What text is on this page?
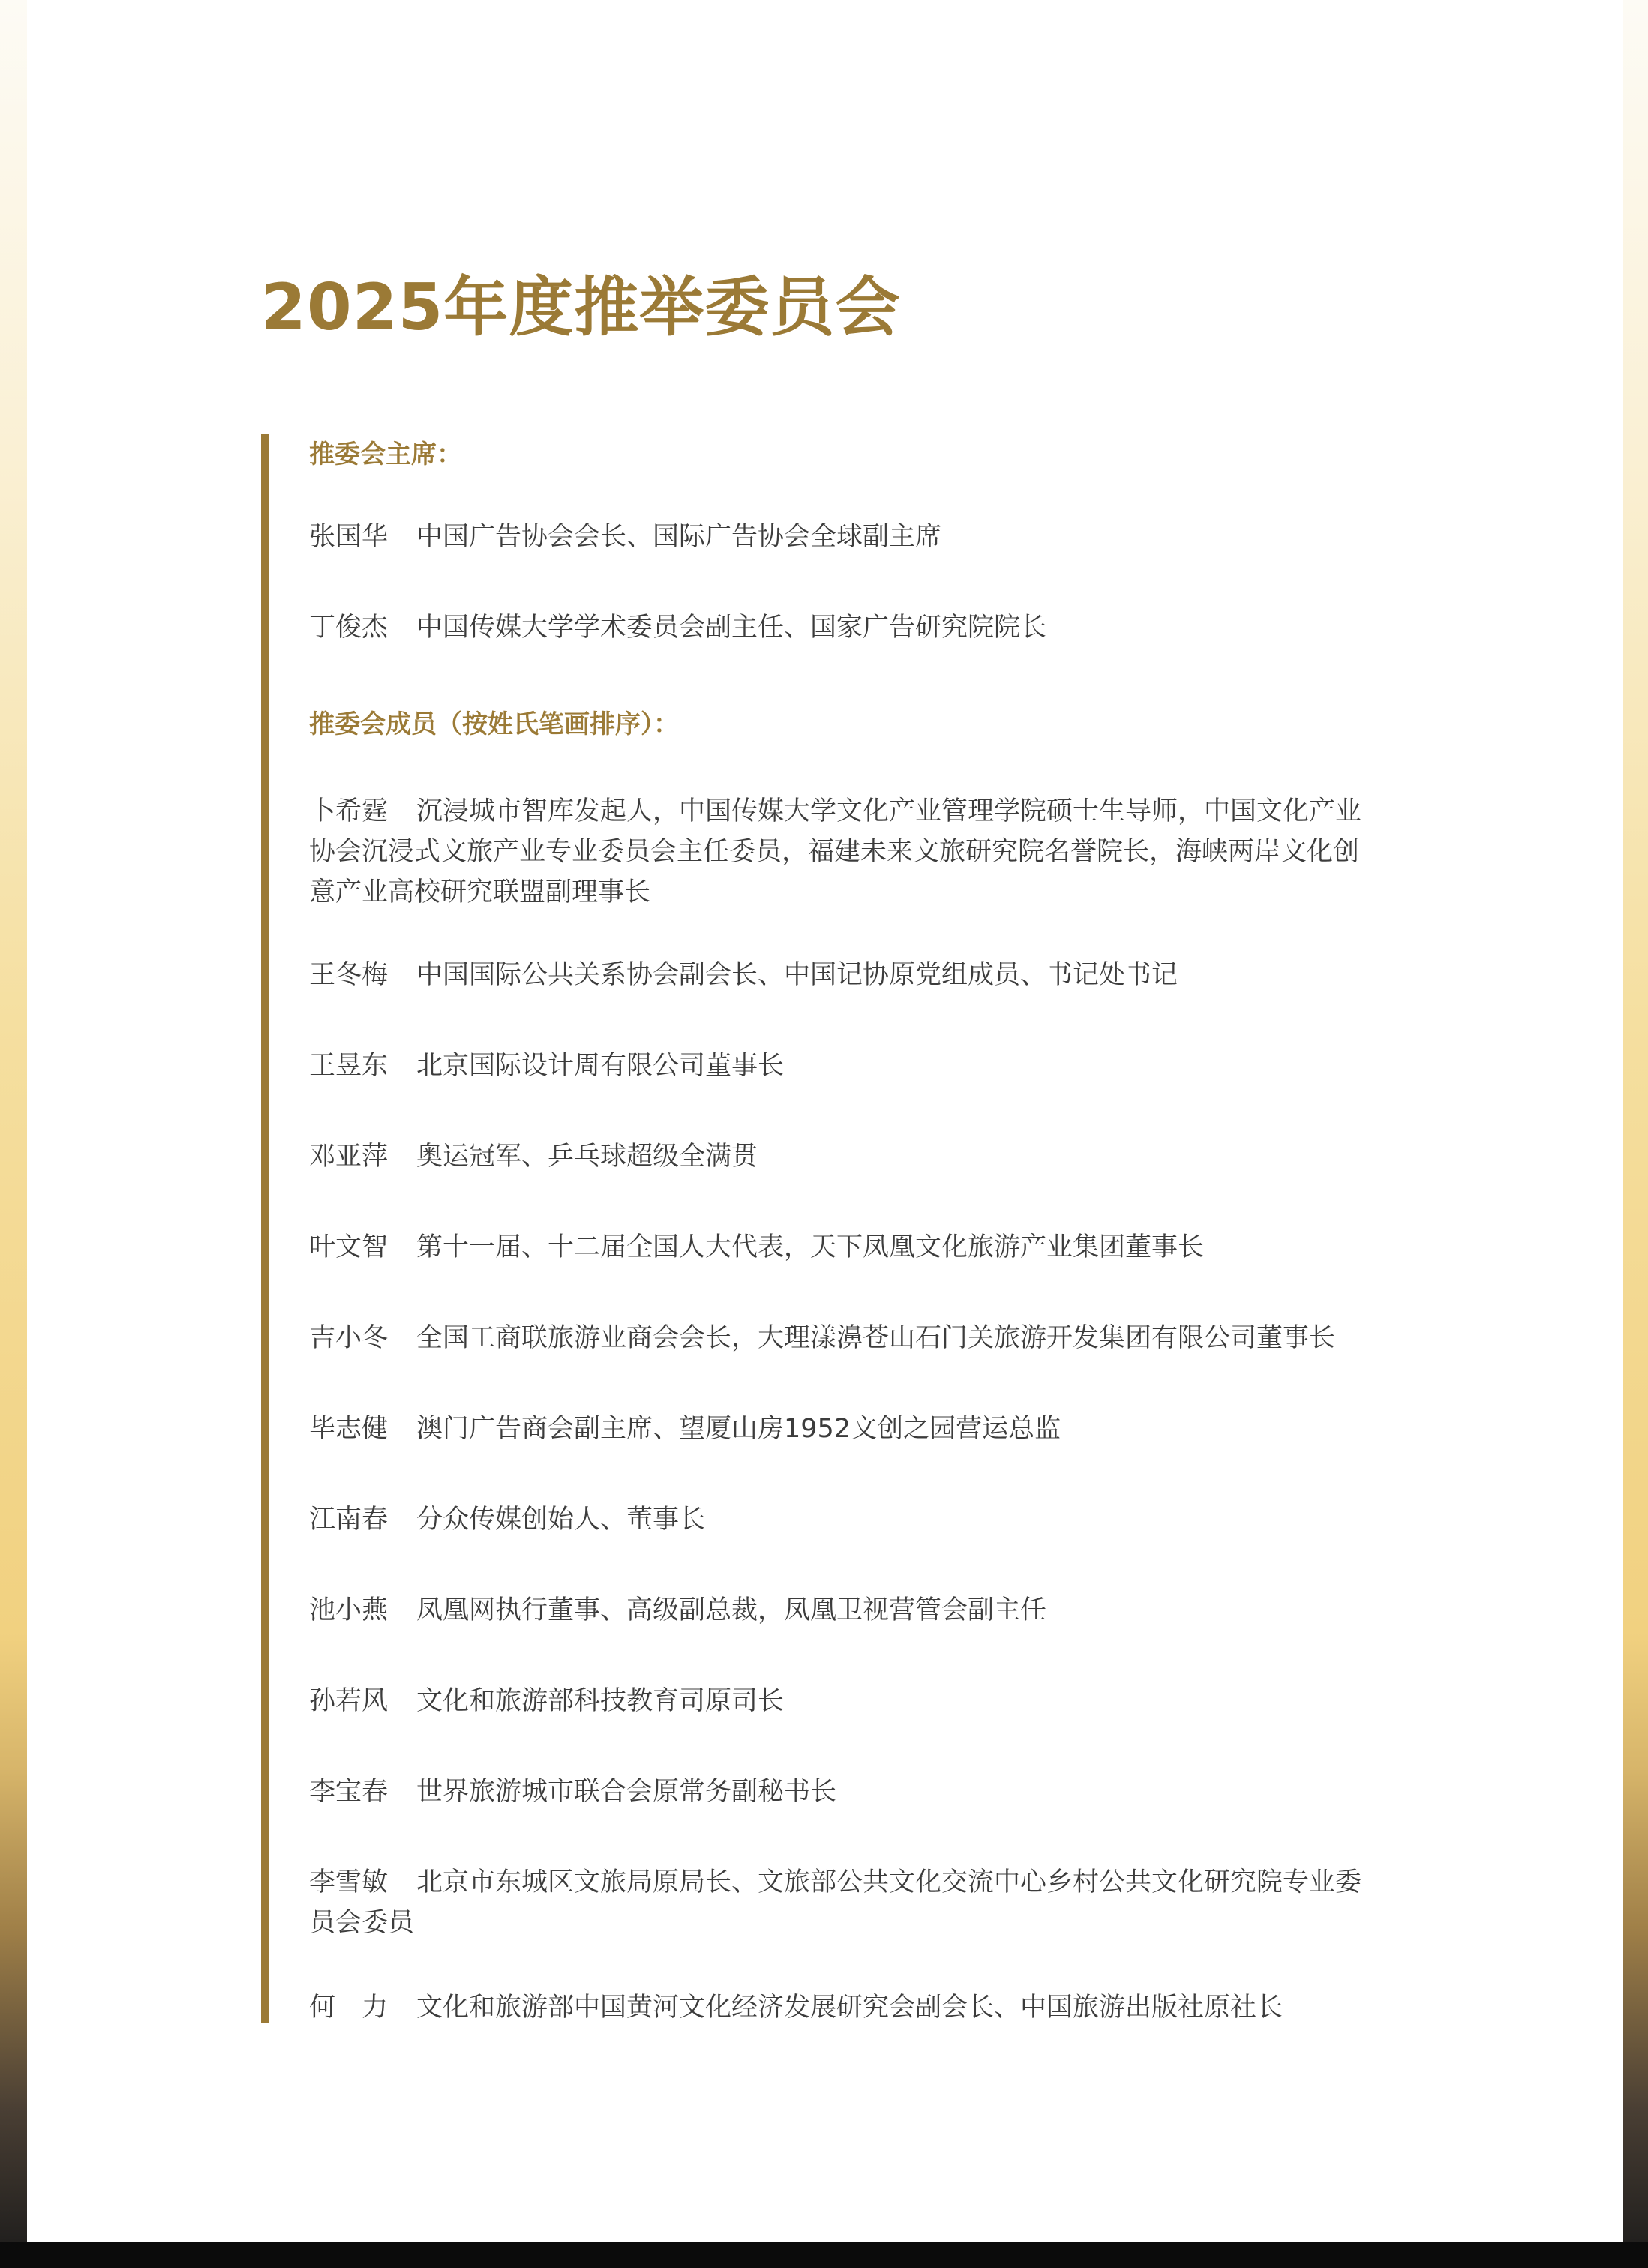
2025年度推举委员会
推委会主席：
张国华 中国广告协会会长、国际广告协会全球副主席
丁俊杰 中国传媒大学学术委员会副主任、国家广告研究院院长
推委会成员（按姓氏笔画排序）：
卜希霆 沉浸城市智库发起人，中国传媒大学文化产业管理学院硕士生导师，中国文化产业协会沉浸式文旅产业专业委员会主任委员，福建未来文旅研究院名誉院长，海峡两岸文化创意产业高校研究联盟副理事长
王冬梅 中国国际公共关系协会副会长、中国记协原党组成员、书记处书记
王昱东 北京国际设计周有限公司董事长
邓亚萍 奥运冠军、乒乓球超级全满贯
叶文智 第十一届、十二届全国人大代表，天下凤凰文化旅游产业集团董事长
吉小冬 全国工商联旅游业商会会长，大理漾濞苍山石门关旅游开发集团有限公司董事长
毕志健 澳门广告商会副主席、望厦山房1952文创之园营运总监
江南春 分众传媒创始人、董事长
池小燕 凤凰网执行董事、高级副总裁，凤凰卫视营管会副主任
孙若风 文化和旅游部科技教育司原司长
李宝春 世界旅游城市联合会原常务副秘书长
李雪敏 北京市东城区文旅局原局长、文旅部公共文化交流中心乡村公共文化研究院专业委员会委员
何　力 文化和旅游部中国黄河文化经济发展研究会副会长、中国旅游出版社原社长
